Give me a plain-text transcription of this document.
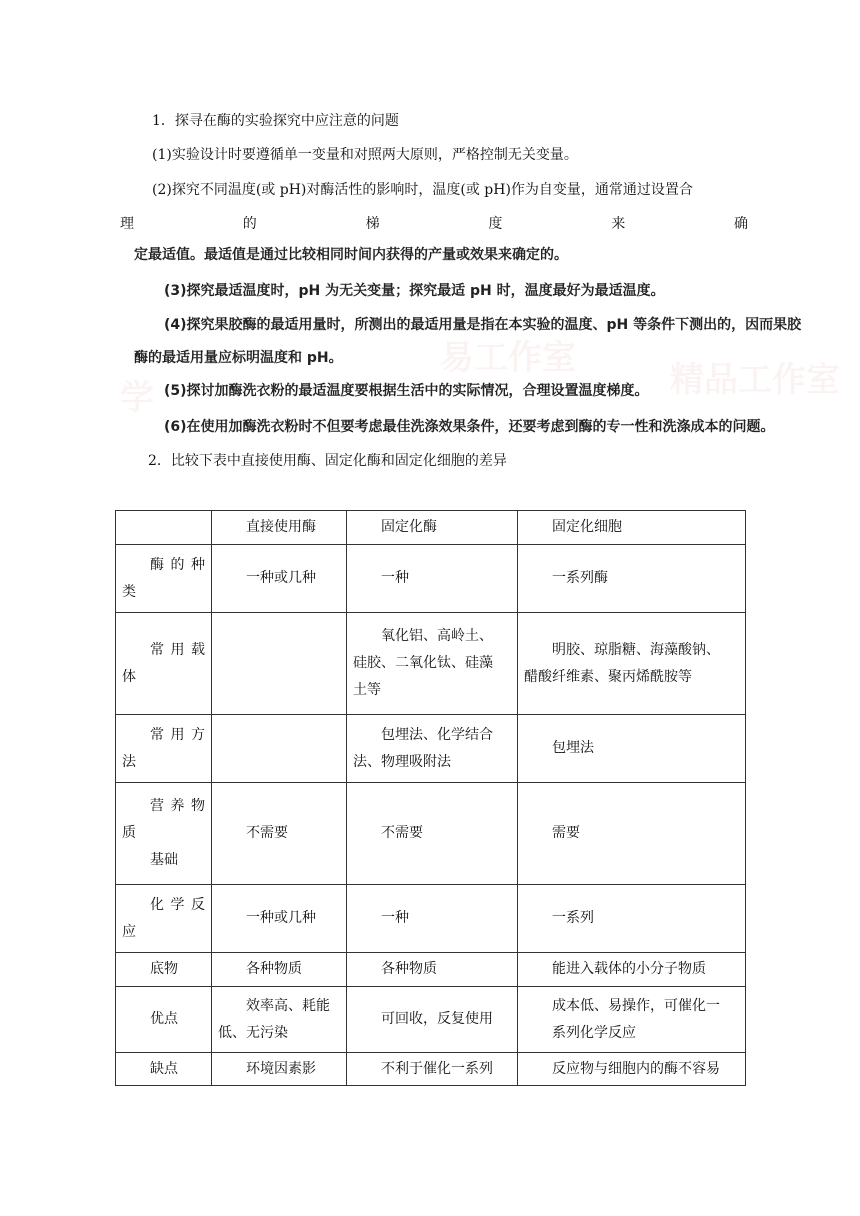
学
易工作室
精品工作室
1．探寻在酶的实验探究中应注意的问题
(1)实验设计时要遵循单一变量和对照两大原则，严格控制无关变量。
(2)探究不同温度(或 pH)对酶活性的影响时，温度(或 pH)作为自变量，通常通过设置合
理	的	梯	度	来	确
定最适值。最适值是通过比较相同时间内获得的产量或效果来确定的。
(3)探究最适温度时，pH 为无关变量；探究最适 pH 时，温度最好为最适温度。
(4)探究果胶酶的最适用量时，所测出的最适用量是指在本实验的温度、pH 等条件下测出的，因而果胶
酶的最适用量应标明温度和 pH。
(5)探讨加酶洗衣粉的最适温度要根据生活中的实际情况，合理设置温度梯度。
(6)在使用加酶洗衣粉时不但要考虑最佳洗涤效果条件，还要考虑到酶的专一性和洗涤成本的问题。
2．比较下表中直接使用酶、固定化酶和固定化细胞的差异
	直接使用酶	固定化酶	固定化细胞

酶的种
类	一种或几种	一种	一系列酶

常用载
体		氧化铝、高岭土、
硅胶、二氧化钛、硅藻
土等	明胶、琼脂糖、海藻酸钠、
醋酸纤维素、聚丙烯酰胺等

常用方
法		包埋法、化学结合
法、物理吸附法	包埋法

营养物
质
基础	不需要	不需要	需要

化学反
应	一种或几种	一种	一系列
底物	各种物质	各种物质	能进入载体的小分子物质
优点	效率高、耗能
低、无污染	可回收，反复使用	成本低、易操作，可催化一
系列化学反应

缺点	环境因素影	不利于催化一系列	反应物与细胞内的酶不容易
